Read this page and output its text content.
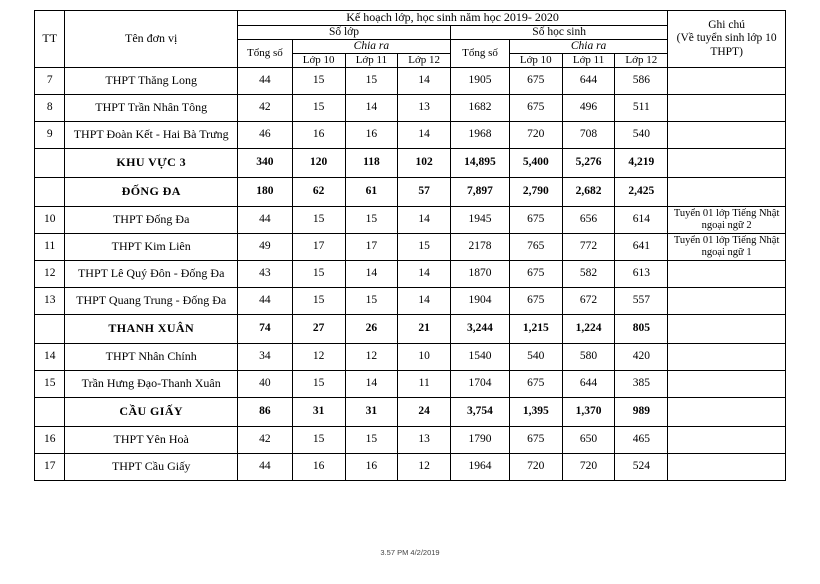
TT	Tên đơn vị	Kế hoạch lớp, học sinh năm học 2019- 2020								Ghi chú
(Về tuyển sinh lớp 10 THPT)

		Số lớp				Số học sinh				
		Tổng số	Chia ra			Tổng số	Chia ra			
			Lớp 10	Lớp 11	Lớp 12		Lớp 10	Lớp 11	Lớp 12	
7	THPT Thăng Long	44	15	15	14	1905	675	644	586	
8	THPT Trần Nhân Tông	42	15	14	13	1682	675	496	511	
9	THPT Đoàn Kết - Hai Bà Trưng	46	16	16	14	1968	720	708	540	
	KHU VỰC 3	340	120	118	102	14,895	5,400	5,276	4,219	
	ĐỐNG ĐA	180	62	61	57	7,897	2,790	2,682	2,425	
10	THPT Đống Đa	44	15	15	14	1945	675	656	614	Tuyển 01 lớp Tiếng Nhật ngoại ngữ 2
11	THPT Kim Liên	49	17	17	15	2178	765	772	641	Tuyển 01 lớp Tiếng Nhật ngoại ngữ 1
12	THPT Lê Quý Đôn - Đống Đa	43	15	14	14	1870	675	582	613	
13	THPT Quang Trung - Đống Đa	44	15	15	14	1904	675	672	557	
	THANH XUÂN	74	27	26	21	3,244	1,215	1,224	805	
14	THPT Nhân Chính	34	12	12	10	1540	540	580	420	
15	Trần Hưng Đạo-Thanh Xuân	40	15	14	11	1704	675	644	385	
	CẦU GIẤY	86	31	31	24	3,754	1,395	1,370	989	
16	THPT Yên Hoà	42	15	15	13	1790	675	650	465	
17	THPT Cầu Giấy	44	16	16	12	1964	720	720	524	
3.57 PM 4/2/2019
